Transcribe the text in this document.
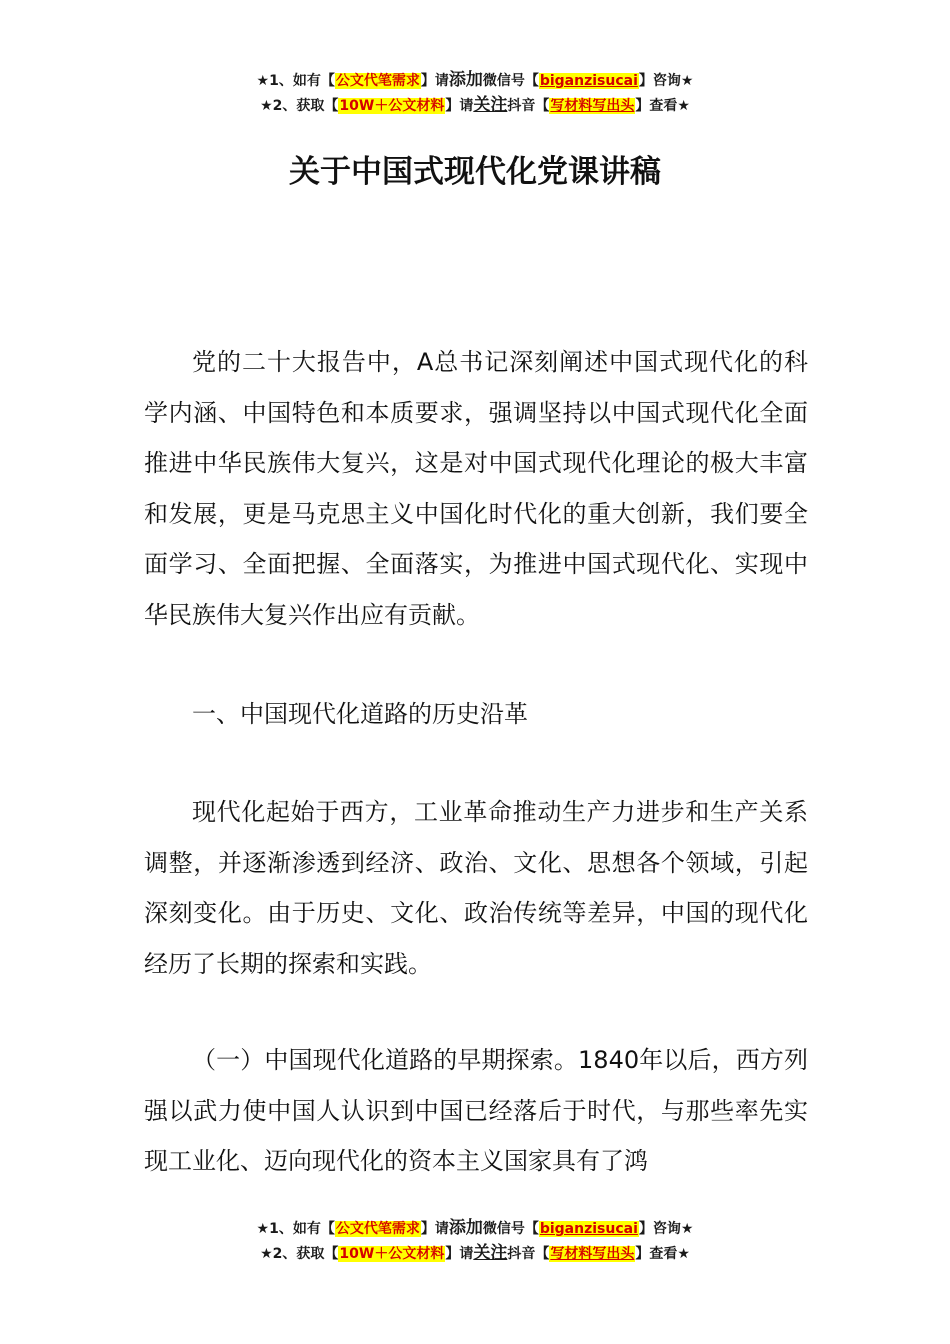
★1、如有【公文代笔需求】请添加微信号【biganzisucai】咨询★
★2、获取【10W＋公文材料】请关注抖音【写材料写出头】查看★
关于中国式现代化党课讲稿

党的二十大报告中，A总书记深刻阐述中国式现代化的科学内涵、中国特色和本质要求，强调坚持以中国式现代化全面推进中华民族伟大复兴，这是对中国式现代化理论的极大丰富和发展，更是马克思主义中国化时代化的重大创新，我们要全面学习、全面把握、全面落实，为推进中国式现代化、实现中华民族伟大复兴作出应有贡献。

一、中国现代化道路的历史沿革

现代化起始于西方，工业革命推动生产力进步和生产关系调整，并逐渐渗透到经济、政治、文化、思想各个领域，引起深刻变化。由于历史、文化、政治传统等差异，中国的现代化经历了长期的探索和实践。

（一）中国现代化道路的早期探索。1840年以后，西方列强以武力使中国人认识到中国已经落后于时代，与那些率先实现工业化、迈向现代化的资本主义国家具有了鸿

★1、如有【公文代笔需求】请添加微信号【biganzisucai】咨询★
★2、获取【10W＋公文材料】请关注抖音【写材料写出头】查看★
